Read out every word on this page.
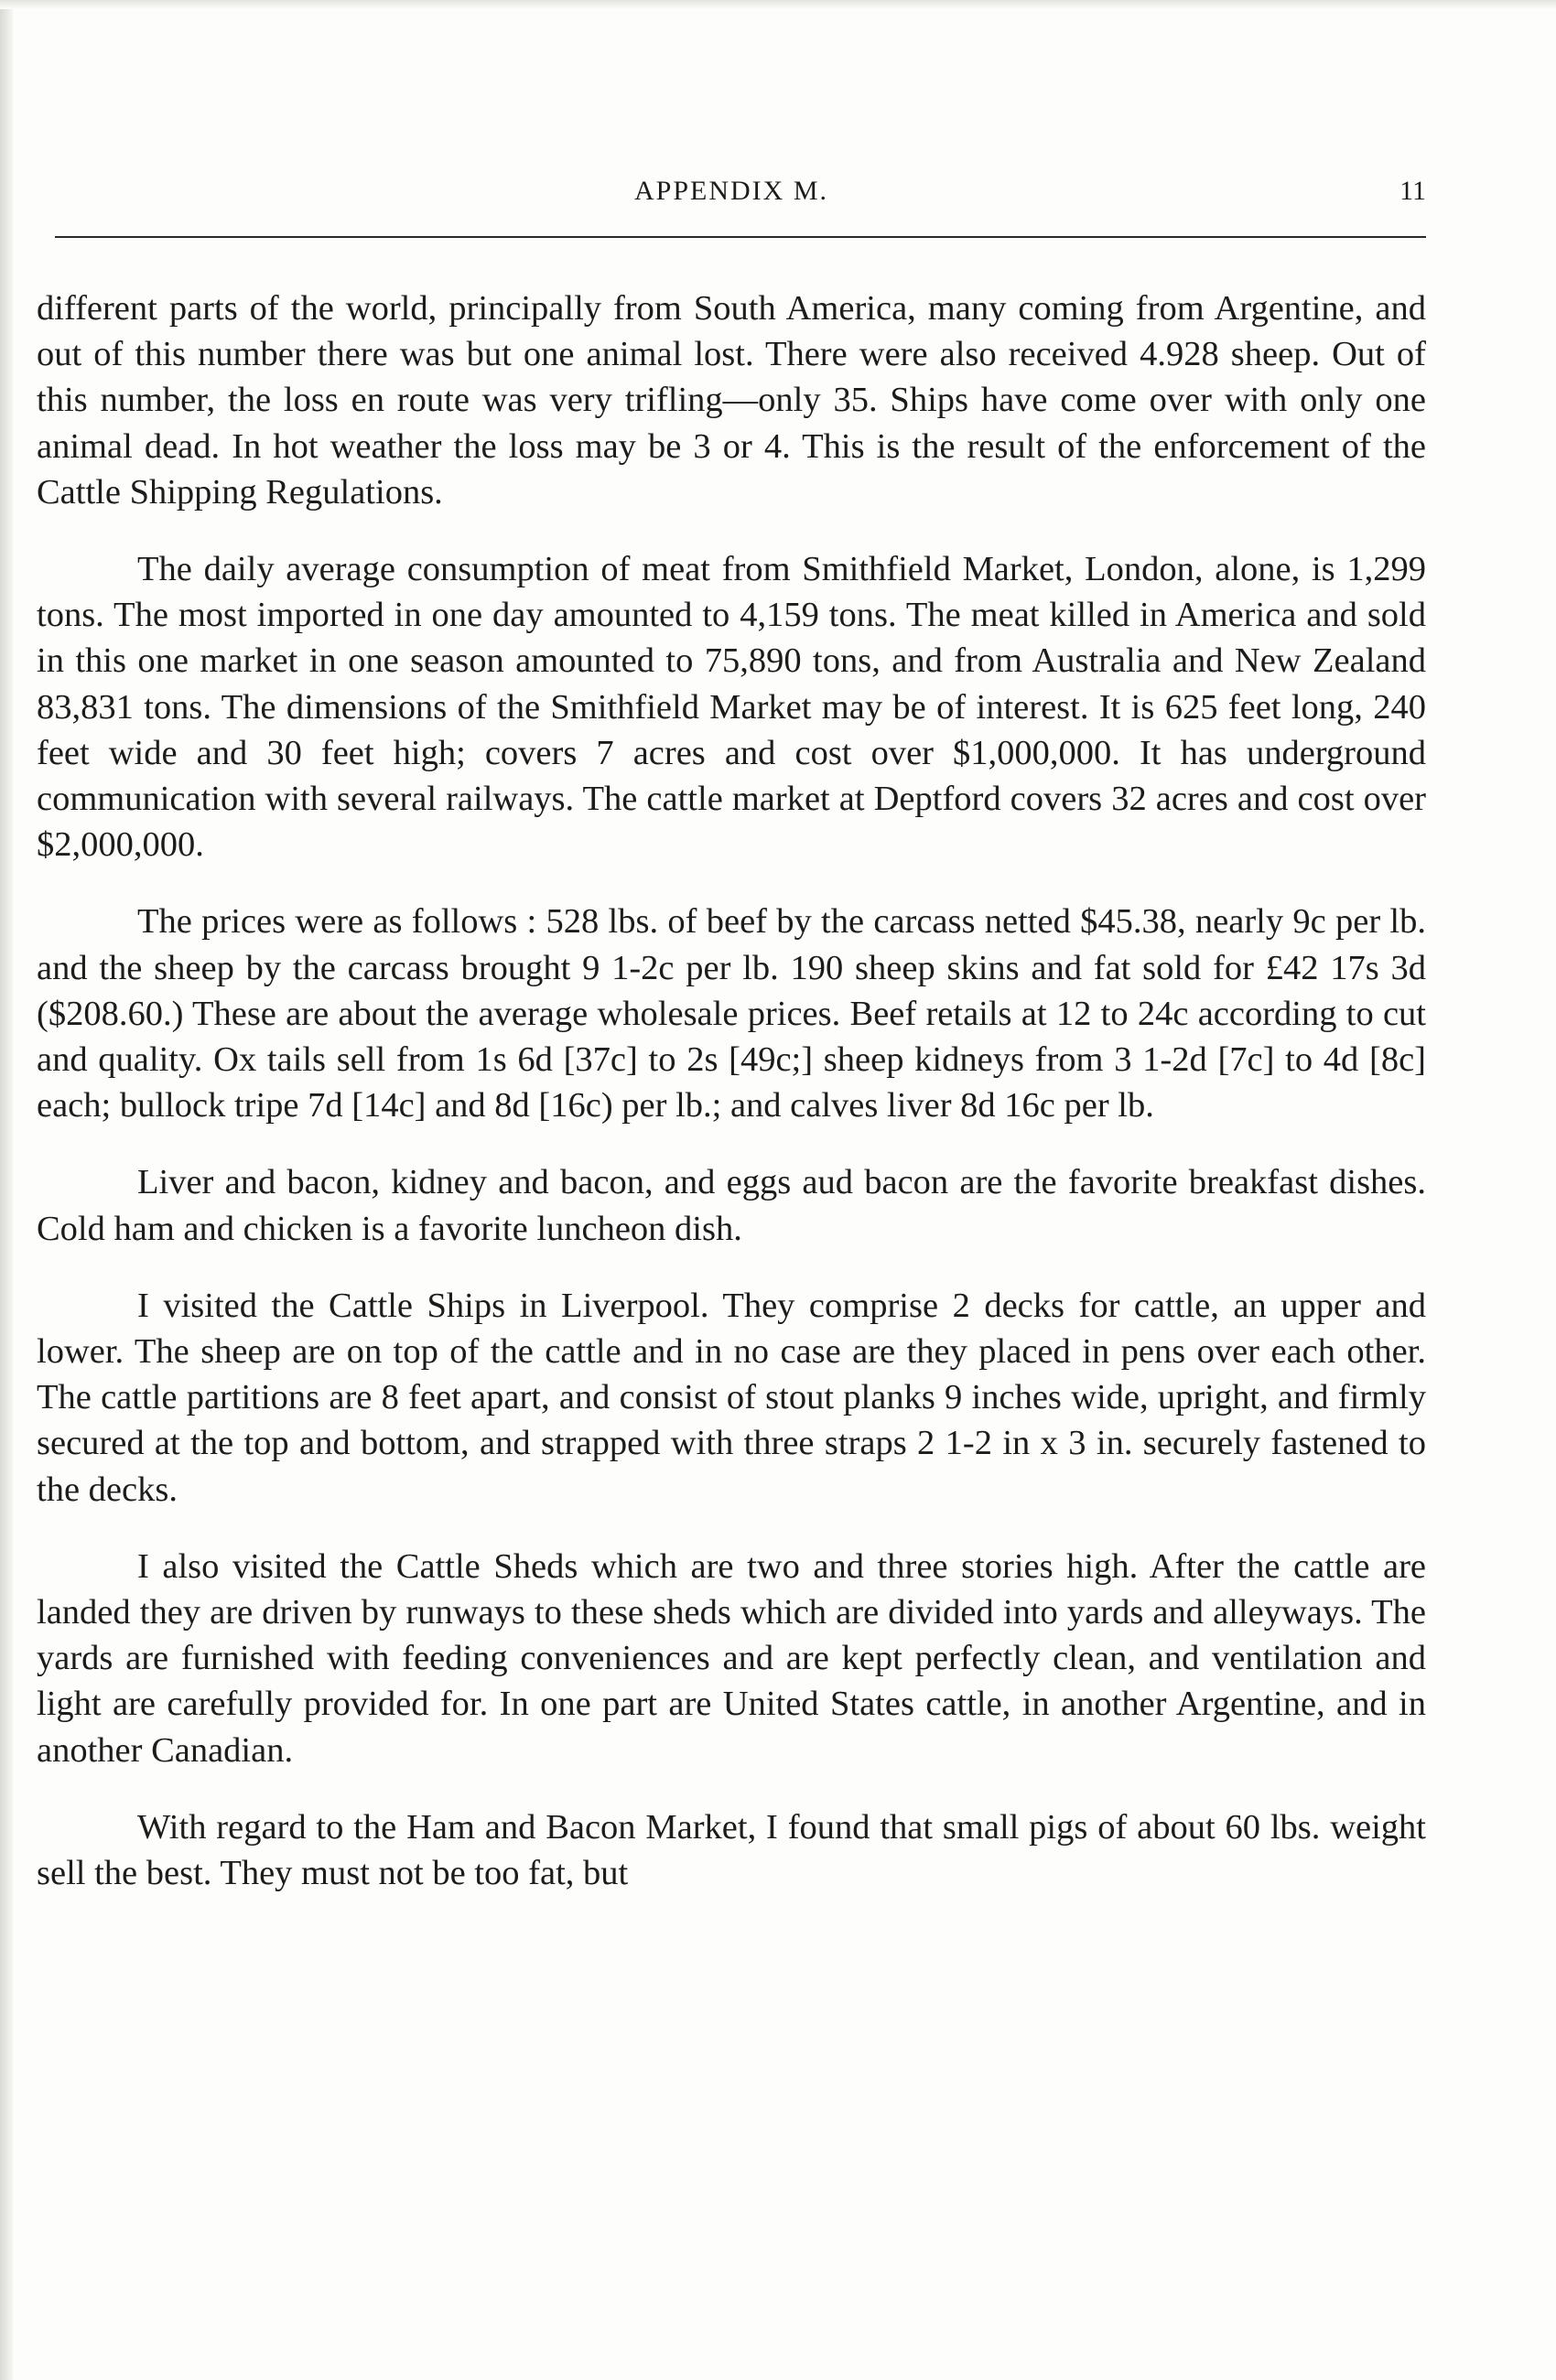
APPENDIX M.	11

different parts of the world, principally from South America, many coming from Argentine, and out of this number there was but one animal lost. There were also received 4.928 sheep. Out of this number, the loss en route was very trifling—only 35. Ships have come over with only one animal dead. In hot weather the loss may be 3 or 4. This is the result of the enforcement of the Cattle Shipping Regulations.

The daily average consumption of meat from Smithfield Market, London, alone, is 1,299 tons. The most imported in one day amounted to 4,159 tons. The meat killed in America and sold in this one market in one season amounted to 75,890 tons, and from Australia and New Zealand 83,831 tons. The dimensions of the Smithfield Market may be of interest. It is 625 feet long, 240 feet wide and 30 feet high; covers 7 acres and cost over $1,000,000. It has underground communication with several railways. The cattle market at Deptford covers 32 acres and cost over $2,000,000.

The prices were as follows : 528 lbs. of beef by the carcass netted $45.38, nearly 9c per lb. and the sheep by the carcass brought 9 1-2c per lb. 190 sheep skins and fat sold for £42 17s 3d ($208.60.) These are about the average wholesale prices. Beef retails at 12 to 24c according to cut and quality. Ox tails sell from 1s 6d [37c] to 2s [49c;] sheep kidneys from 3 1-2d [7c] to 4d [8c] each; bullock tripe 7d [14c] and 8d [16c) per lb.; and calves liver 8d 16c per lb.

Liver and bacon, kidney and bacon, and eggs aud bacon are the favorite breakfast dishes. Cold ham and chicken is a favorite luncheon dish.

I visited the Cattle Ships in Liverpool. They comprise 2 decks for cattle, an upper and lower. The sheep are on top of the cattle and in no case are they placed in pens over each other. The cattle partitions are 8 feet apart, and consist of stout planks 9 inches wide, upright, and firmly secured at the top and bottom, and strapped with three straps 2 1-2 in x 3 in. securely fastened to the decks.

I also visited the Cattle Sheds which are two and three stories high. After the cattle are landed they are driven by runways to these sheds which are divided into yards and alleyways. The yards are furnished with feeding conveniences and are kept perfectly clean, and ventilation and light are carefully provided for. In one part are United States cattle, in another Argentine, and in another Canadian.

With regard to the Ham and Bacon Market, I found that small pigs of about 60 lbs. weight sell the best. They must not be too fat, but
